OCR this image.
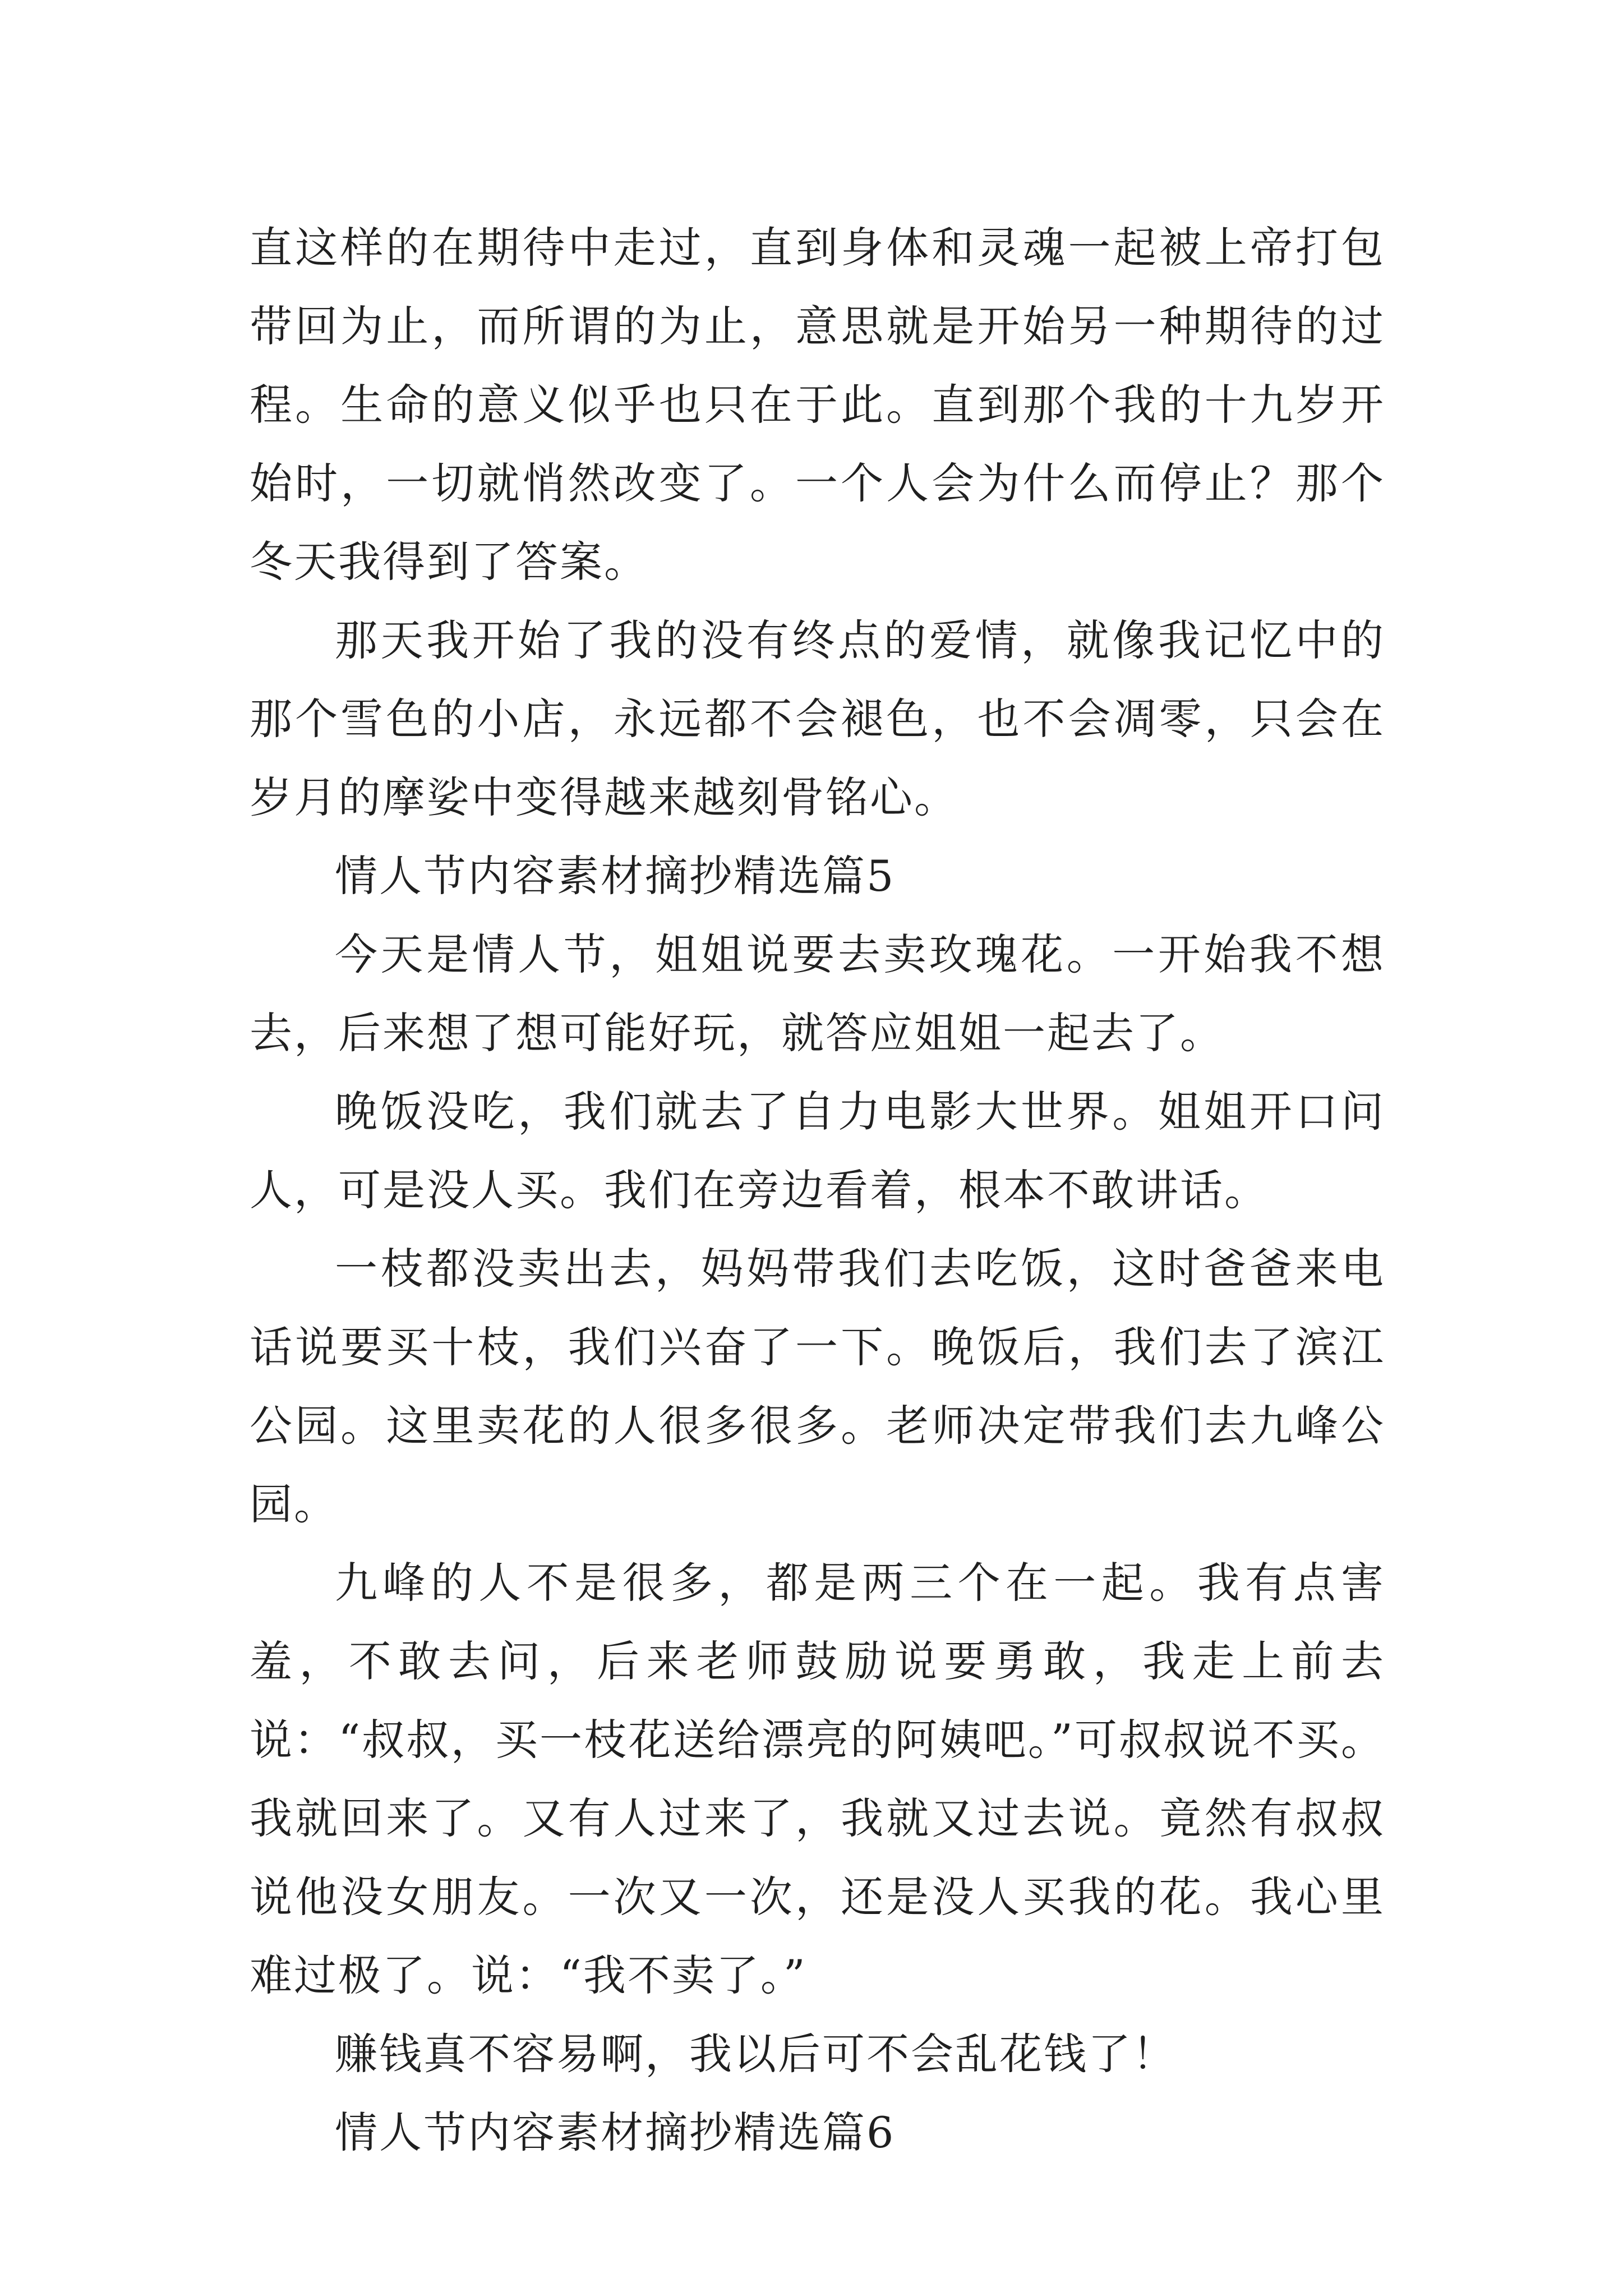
直这样的在期待中走过，直到身体和灵魂一起被上帝打包带回为止，而所谓的为止，意思就是开始另一种期待的过程。生命的意义似乎也只在于此。直到那个我的十九岁开始时，一切就悄然改变了。一个人会为什么而停止？那个冬天我得到了答案。

那天我开始了我的没有终点的爱情，就像我记忆中的那个雪色的小店，永远都不会褪色，也不会凋零，只会在岁月的摩娑中变得越来越刻骨铭心。

情人节内容素材摘抄精选篇5

今天是情人节，姐姐说要去卖玫瑰花。一开始我不想去，后来想了想可能好玩，就答应姐姐一起去了。

晚饭没吃，我们就去了自力电影大世界。姐姐开口问人，可是没人买。我们在旁边看着，根本不敢讲话。

一枝都没卖出去，妈妈带我们去吃饭，这时爸爸来电话说要买十枝，我们兴奋了一下。晚饭后，我们去了滨江公园。这里卖花的人很多很多。老师决定带我们去九峰公园。

九峰的人不是很多，都是两三个在一起。我有点害羞，不敢去问，后来老师鼓励说要勇敢，我走上前去说：“叔叔，买一枝花送给漂亮的阿姨吧。”可叔叔说不买。我就回来了。又有人过来了，我就又过去说。竟然有叔叔说他没女朋友。一次又一次，还是没人买我的花。我心里难过极了。说：“我不卖了。”

赚钱真不容易啊，我以后可不会乱花钱了！

情人节内容素材摘抄精选篇6
